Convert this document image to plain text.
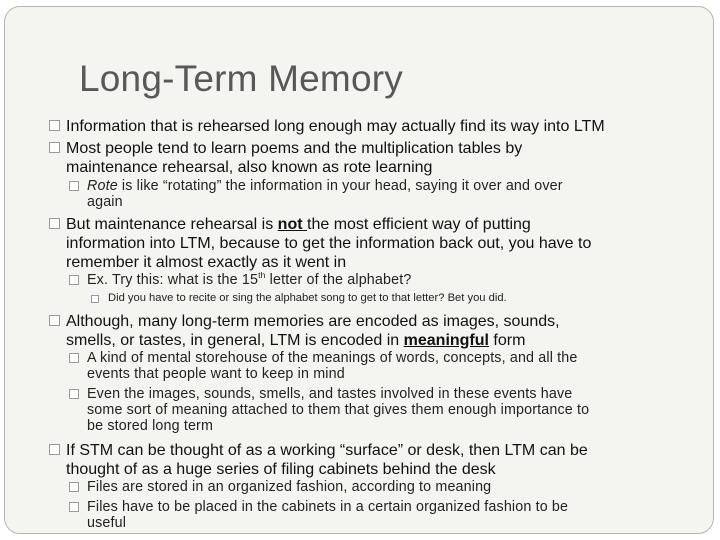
Long-Term Memory
Information that is rehearsed long enough may actually find its way into LTM
Most people tend to learn poems and the multiplication tables by
maintenance rehearsal, also known as rote learning
Rote is like “rotating” the information in your head, saying it over and over
again
But maintenance rehearsal is not the most efficient way of putting
information into LTM, because to get the information back out, you have to
remember it almost exactly as it went in
Ex. Try this: what is the 15th letter of the alphabet?
Did you have to recite or sing the alphabet song to get to that letter? Bet you did.
Although, many long-term memories are encoded as images, sounds,
smells, or tastes, in general, LTM is encoded in meaningful form
A kind of mental storehouse of the meanings of words, concepts, and all the
events that people want to keep in mind
Even the images, sounds, smells, and tastes involved in these events have
some sort of meaning attached to them that gives them enough importance to
be stored long term
If STM can be thought of as a working “surface” or desk, then LTM can be
thought of as a huge series of filing cabinets behind the desk
Files are stored in an organized fashion, according to meaning
Files have to be placed in the cabinets in a certain organized fashion to be
useful
